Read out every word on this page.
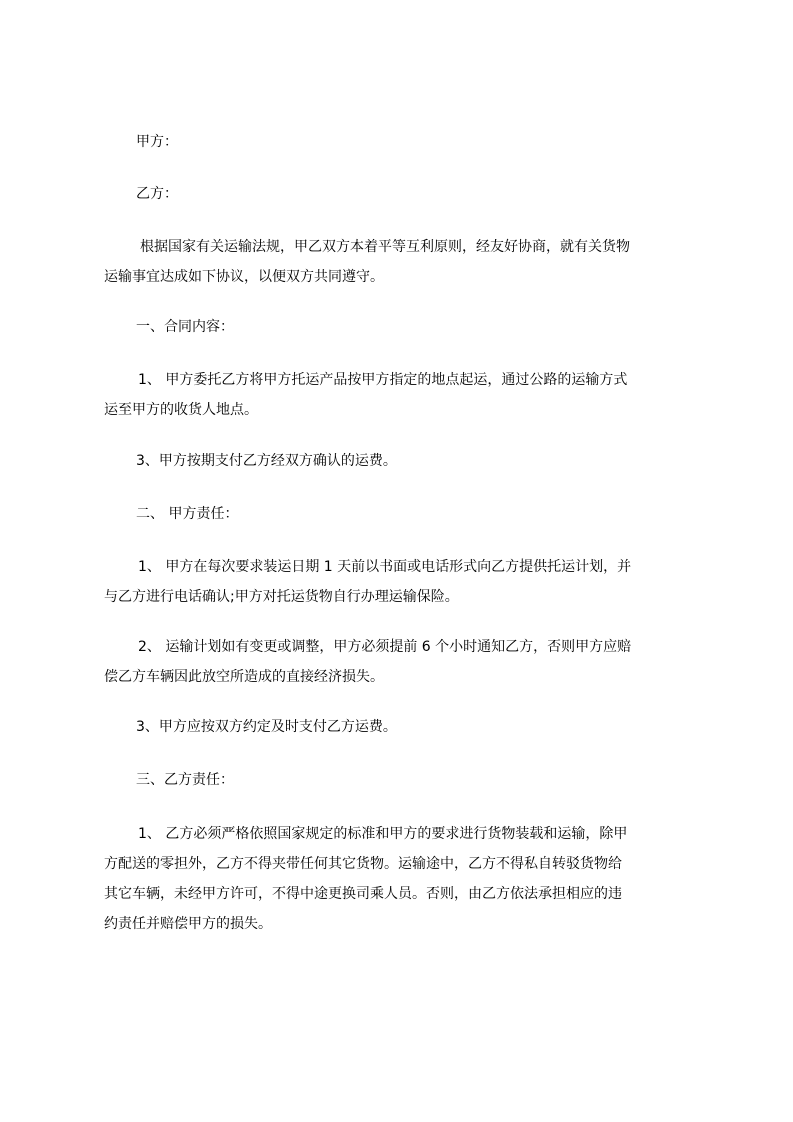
甲方：
乙方：
根据国家有关运输法规，甲乙双方本着平等互利原则，经友好协商，就有关货物
运输事宜达成如下协议，以便双方共同遵守。
一、合同内容：
1、 甲方委托乙方将甲方托运产品按甲方指定的地点起运，通过公路的运输方式
运至甲方的收货人地点。
3、甲方按期支付乙方经双方确认的运费。
二、 甲方责任：
1、 甲方在每次要求装运日期 1 天前以书面或电话形式向乙方提供托运计划，并
与乙方进行电话确认;甲方对托运货物自行办理运输保险。
2、 运输计划如有变更或调整，甲方必须提前 6 个小时通知乙方，否则甲方应赔
偿乙方车辆因此放空所造成的直接经济损失。
3、甲方应按双方约定及时支付乙方运费。
三、乙方责任：
1、 乙方必须严格依照国家规定的标准和甲方的要求进行货物装载和运输，除甲
方配送的零担外，乙方不得夹带任何其它货物。运输途中，乙方不得私自转驳货物给
其它车辆，未经甲方许可，不得中途更换司乘人员。否则，由乙方依法承担相应的违
约责任并赔偿甲方的损失。
